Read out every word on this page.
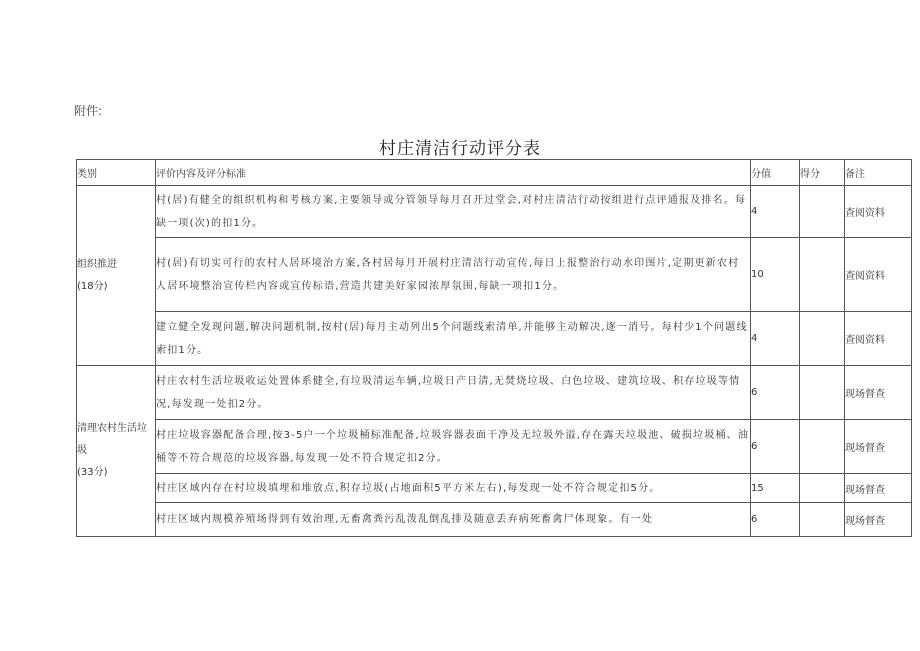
附件:
村庄清洁行动评分表
类别	评价内容及评分标准	分值	得分	备注

组织推进
(18分)	村(居)有健全的组织机构和考核方案,主要领导或分管领导每月召开过堂会,对村庄清洁行动按组进行点评通报及排名。每缺一项(次)的扣1分。	4		查阅资料
	村(居)有切实可行的农村人居环境治方案,各村居每月开展村庄清洁行动宣传,每日上报整治行动水印图片,定期更新农村人居环境整治宣传栏内容或宣传标语,营造共建美好家园浓厚氛围,每缺一项扣1分。	10		查阅资料
	建立健全发现问题,解决问题机制,按村(居)每月主动列出5个问题线索清单,并能够主动解决,逐一消号。每村少1个问题线索扣1分。	4		查阅资料

清理农村生活垃圾
(33分)	村庄农村生活垃圾收运处置体系健全,有垃圾清运车辆,垃圾日产日清,无焚烧垃圾、白色垃圾、建筑垃圾、积存垃圾等情况,每发现一处扣2分。	6		现场督查
	村庄垃圾容器配备合理,按3-5户一个垃圾桶标准配备,垃圾容器表面干净及无垃圾外溢,存在露天垃圾池、破损垃圾桶、油桶等不符合规范的垃圾容器,每发现一处不符合规定扣2分。	6		现场督查
	村庄区域内存在村垃圾填埋和堆放点,积存垃圾(占地面积5平方米左右),每发现一处不符合规定扣5分。	15		现场督查
	村庄区域内规模养殖场得到有效治理,无畜禽粪污乱泼乱倒乱排及随意丢弃病死畜禽尸体现象。有一处	6		现场督查
